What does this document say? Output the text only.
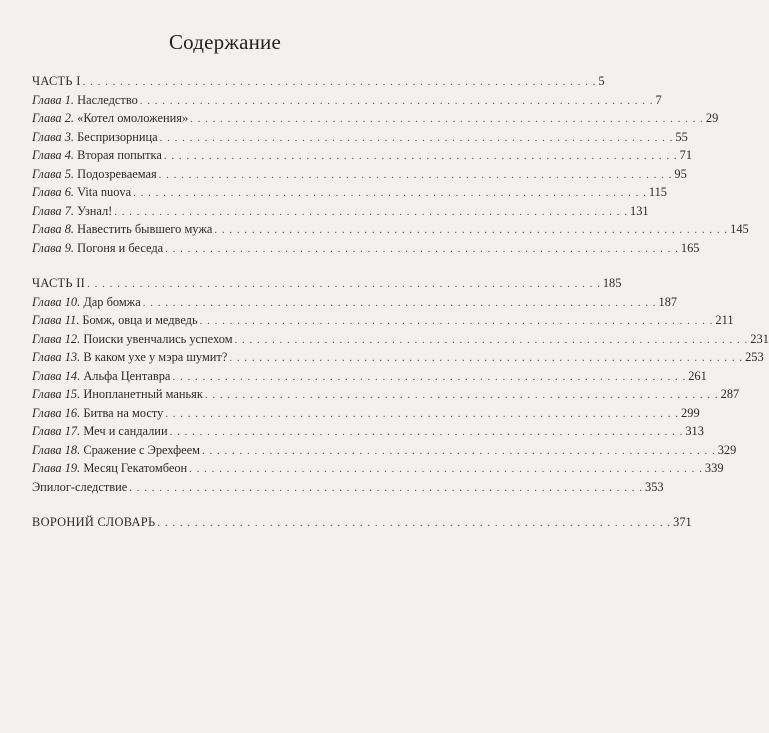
Содержание
ЧАСТЬ I . . . . . . . . . . . . . . . . . . . . . . . . . . . . . . . . . . . . . . . . . . . . . . . . . . . . . . . . . . . . . . . . . . . . . 5
Глава 1. Наследство . . . . . . . . . . . . . . . . . . . . . . . . . . . . . . . . . . . . . . . . . . . . . . . . . . . . . . . . . . . . . . . . . . . . . 7
Глава 2. «Котел омоложения» . . . . . . . . . . . . . . . . . . . . . . . . . . . . . . . . . . . . . . . . . . . . . . . . . . . . . . . . . . . . . . . . . . . . . 29
Глава 3. Беспризорница . . . . . . . . . . . . . . . . . . . . . . . . . . . . . . . . . . . . . . . . . . . . . . . . . . . . . . . . . . . . . . . . . . . . . 55
Глава 4. Вторая попытка . . . . . . . . . . . . . . . . . . . . . . . . . . . . . . . . . . . . . . . . . . . . . . . . . . . . . . . . . . . . . . . . . . . . . 71
Глава 5. Подозреваемая . . . . . . . . . . . . . . . . . . . . . . . . . . . . . . . . . . . . . . . . . . . . . . . . . . . . . . . . . . . . . . . . . . . . . 95
Глава 6. Vita nuova . . . . . . . . . . . . . . . . . . . . . . . . . . . . . . . . . . . . . . . . . . . . . . . . . . . . . . . . . . . . . . . . . . . . . 115
Глава 7. Узнал! . . . . . . . . . . . . . . . . . . . . . . . . . . . . . . . . . . . . . . . . . . . . . . . . . . . . . . . . . . . . . . . . . . . . . 131
Глава 8. Навестить бывшего мужа . . . . . . . . . . . . . . . . . . . . . . . . . . . . . . . . . . . . . . . . . . . . . . . . . . . . . . . . . . . . . . . . . . . . . 145
Глава 9. Погоня и беседа . . . . . . . . . . . . . . . . . . . . . . . . . . . . . . . . . . . . . . . . . . . . . . . . . . . . . . . . . . . . . . . . . . . . . 165
ЧАСТЬ II . . . . . . . . . . . . . . . . . . . . . . . . . . . . . . . . . . . . . . . . . . . . . . . . . . . . . . . . . . . . . . . . . . . . . 185
Глава 10. Дар бомжа . . . . . . . . . . . . . . . . . . . . . . . . . . . . . . . . . . . . . . . . . . . . . . . . . . . . . . . . . . . . . . . . . . . . . 187
Глава 11. Бомж, овца и медведь . . . . . . . . . . . . . . . . . . . . . . . . . . . . . . . . . . . . . . . . . . . . . . . . . . . . . . . . . . . . . . . . . . . . . 211
Глава 12. Поиски увенчались успехом . . . . . . . . . . . . . . . . . . . . . . . . . . . . . . . . . . . . . . . . . . . . . . . . . . . . . . . . . . . . . . . . . . . . . 231
Глава 13. В каком ухе у мэра шумит? . . . . . . . . . . . . . . . . . . . . . . . . . . . . . . . . . . . . . . . . . . . . . . . . . . . . . . . . . . . . . . . . . . . . . 253
Глава 14. Альфа Центавра . . . . . . . . . . . . . . . . . . . . . . . . . . . . . . . . . . . . . . . . . . . . . . . . . . . . . . . . . . . . . . . . . . . . . 261
Глава 15. Инопланетный маньяк . . . . . . . . . . . . . . . . . . . . . . . . . . . . . . . . . . . . . . . . . . . . . . . . . . . . . . . . . . . . . . . . . . . . . 287
Глава 16. Битва на мосту . . . . . . . . . . . . . . . . . . . . . . . . . . . . . . . . . . . . . . . . . . . . . . . . . . . . . . . . . . . . . . . . . . . . . 299
Глава 17. Меч и сандалии . . . . . . . . . . . . . . . . . . . . . . . . . . . . . . . . . . . . . . . . . . . . . . . . . . . . . . . . . . . . . . . . . . . . . 313
Глава 18. Сражение с Эрехфеем . . . . . . . . . . . . . . . . . . . . . . . . . . . . . . . . . . . . . . . . . . . . . . . . . . . . . . . . . . . . . . . . . . . . . 329
Глава 19. Месяц Гекатомбеон . . . . . . . . . . . . . . . . . . . . . . . . . . . . . . . . . . . . . . . . . . . . . . . . . . . . . . . . . . . . . . . . . . . . . 339
Эпилог-следствие . . . . . . . . . . . . . . . . . . . . . . . . . . . . . . . . . . . . . . . . . . . . . . . . . . . . . . . . . . . . . . . . . . . . . 353
ВОРОНИЙ СЛОВАРЬ . . . . . . . . . . . . . . . . . . . . . . . . . . . . . . . . . . . . . . . . . . . . . . . . . . . . . . . . . . . . . . . . . . . . . 371
